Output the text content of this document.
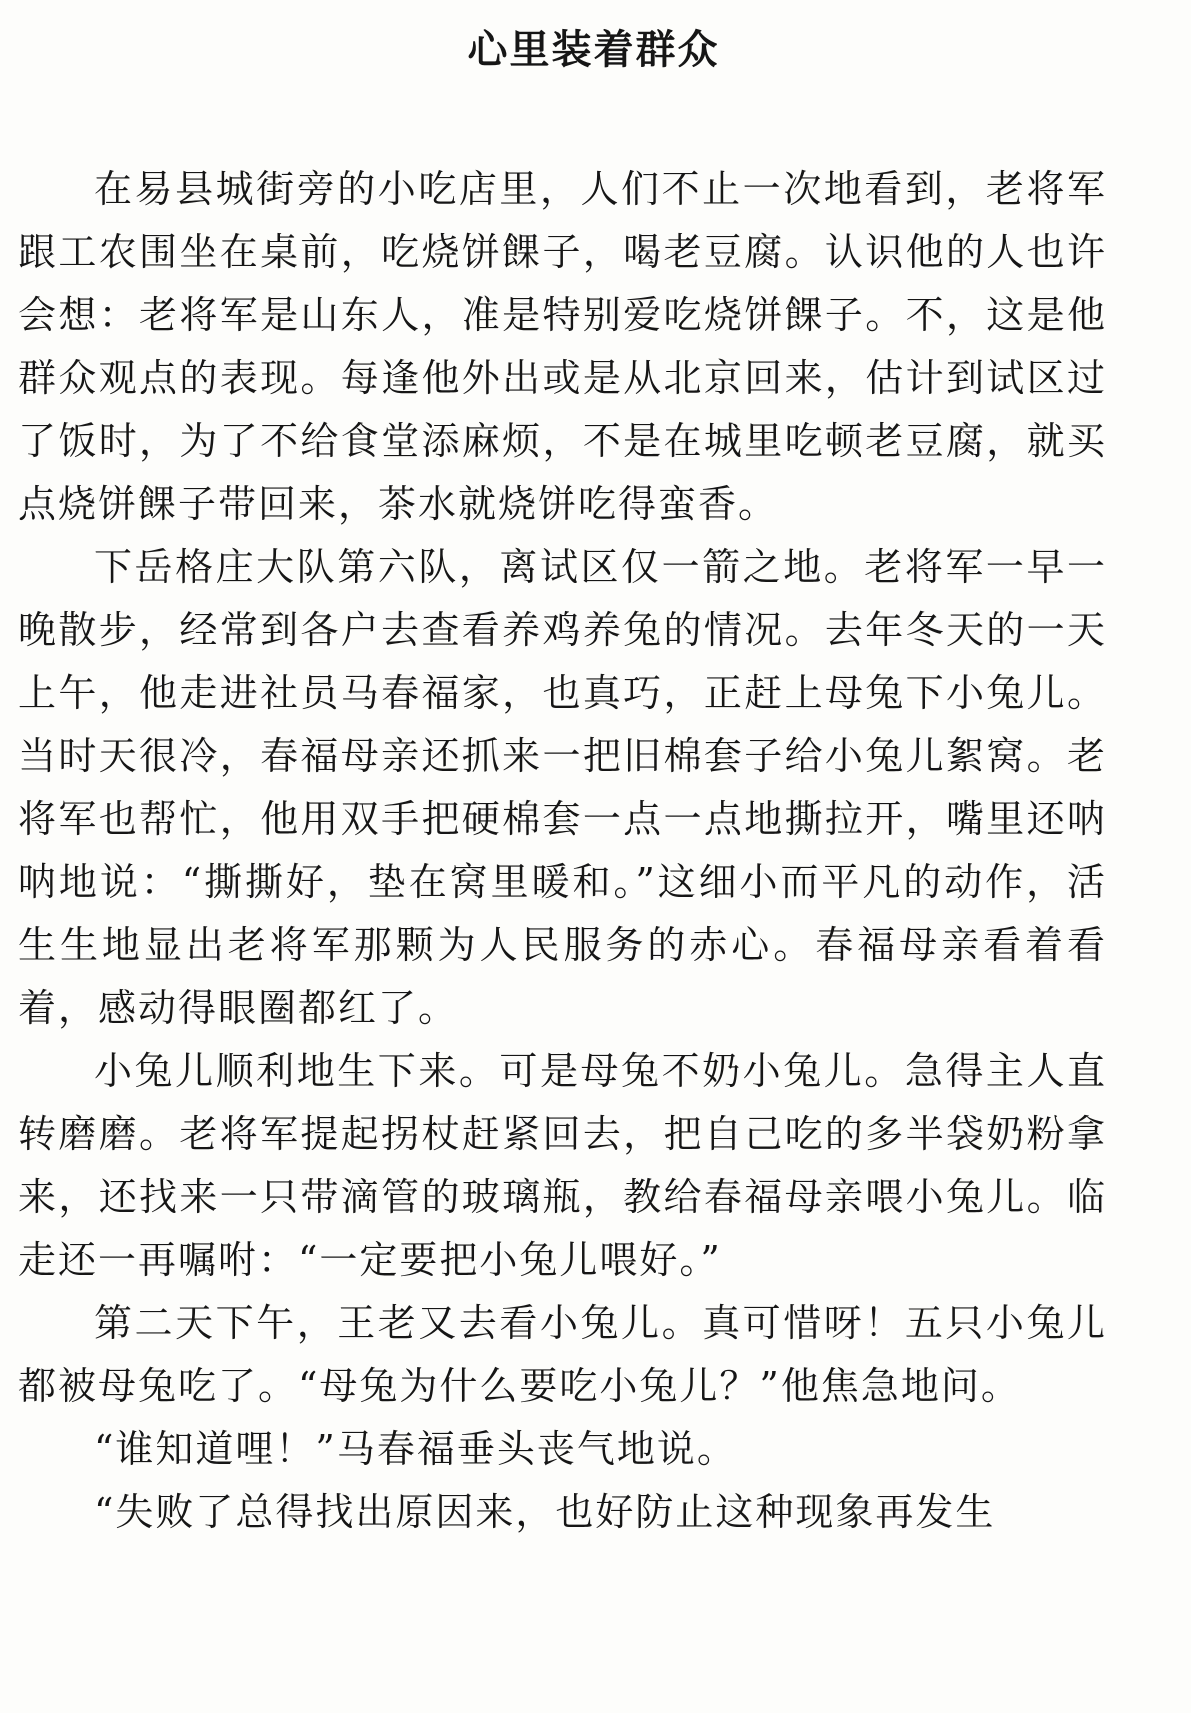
心里装着群众

在易县城街旁的小吃店里，人们不止一次地看到，老将军跟工农围坐在桌前，吃烧饼餜子，喝老豆腐。认识他的人也许会想：老将军是山东人，准是特别爱吃烧饼餜子。不，这是他群众观点的表现。每逢他外出或是从北京回来，估计到试区过了饭时，为了不给食堂添麻烦，不是在城里吃顿老豆腐，就买点烧饼餜子带回来，茶水就烧饼吃得蛮香。

下岳格庄大队第六队，离试区仅一箭之地。老将军一早一晚散步，经常到各户去查看养鸡养兔的情况。去年冬天的一天上午，他走进社员马春福家，也真巧，正赶上母兔下小兔儿。当时天很冷，春福母亲还抓来一把旧棉套子给小兔儿絮窝。老将军也帮忙，他用双手把硬棉套一点一点地撕拉开，嘴里还呐呐地说：“撕撕好，垫在窝里暖和。”这细小而平凡的动作，活生生地显出老将军那颗为人民服务的赤心。春福母亲看着看着，感动得眼圈都红了。

小兔儿顺利地生下来。可是母兔不奶小兔儿。急得主人直转磨磨。老将军提起拐杖赶紧回去，把自己吃的多半袋奶粉拿来，还找来一只带滴管的玻璃瓶，教给春福母亲喂小兔儿。临走还一再嘱咐：“一定要把小兔儿喂好。”

第二天下午，王老又去看小兔儿。真可惜呀！五只小兔儿都被母兔吃了。“母兔为什么要吃小兔儿？”他焦急地问。

“谁知道哩！”马春福垂头丧气地说。

“失败了总得找出原因来，也好防止这种现象再发生
